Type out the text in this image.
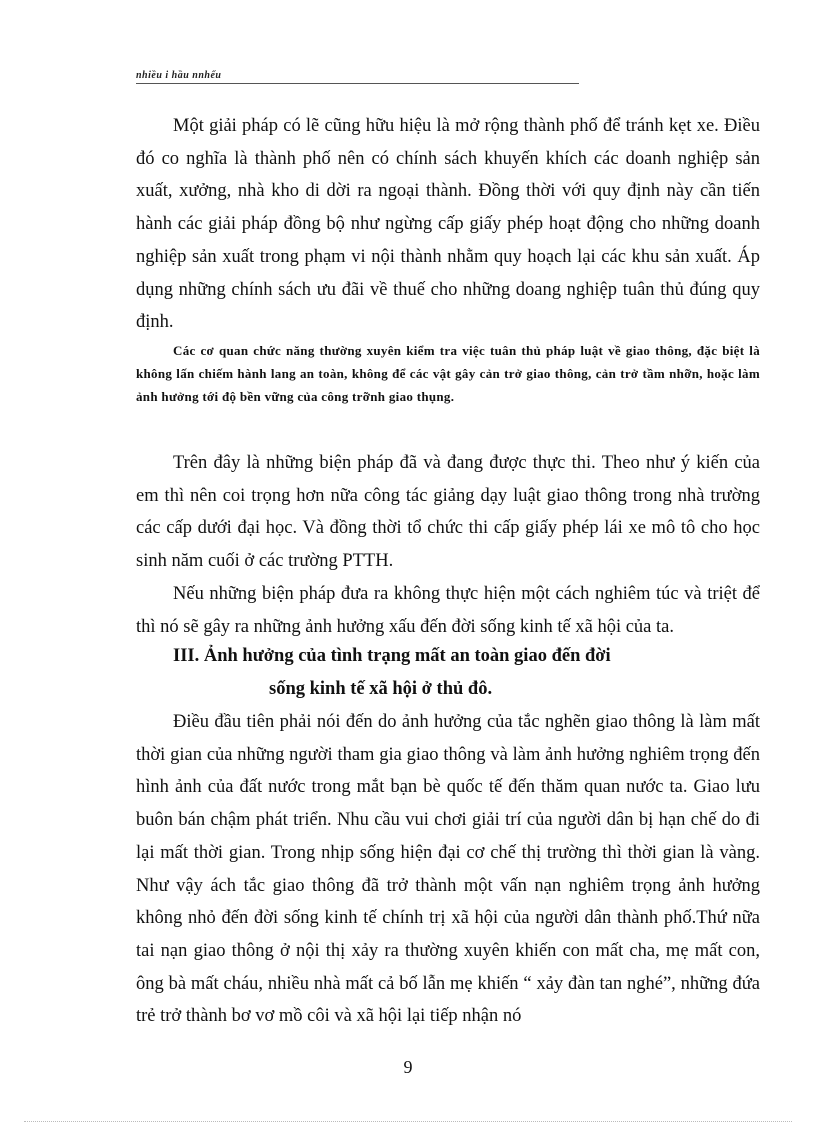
nhiều i hầu nnhểu

Một giải pháp có lẽ cũng hữu hiệu là mở rộng thành phố để tránh kẹt xe. Điều đó co nghĩa là thành phố nên có chính sách khuyến khích các doanh nghiệp sản xuất, xưởng, nhà kho di dời ra ngoại thành. Đồng thời với quy định này cần tiến hành các giải pháp đồng bộ như ngừng cấp giấy phép hoạt động cho những doanh nghiệp sản xuất trong phạm vi nội thành nhằm quy hoạch lại các khu sản xuất. Áp dụng những chính sách ưu đãi về thuế cho những doang nghiệp tuân thủ đúng quy định.

Các cơ quan chức năng thường xuyên kiểm tra việc tuân thủ pháp luật về giao thông, đặc biệt là không lấn chiếm hành lang an toàn, không để các vật gây cản trở giao thông, cản trở tầm nhỡn, hoặc làm ảnh hưởng tới độ bền vững của công trỡnh giao thụng.

Trên đây là những biện pháp đã và đang được thực thi. Theo như ý kiến của em thì nên coi trọng hơn nữa công tác giảng dạy luật giao thông trong nhà trường các cấp dưới đại học. Và đồng thời tổ chức thi cấp giấy phép lái xe mô tô cho học sinh năm cuối ở các trường PTTH.

Nếu những biện pháp đưa ra không thực hiện một cách nghiêm túc và triệt để thì nó sẽ gây ra những ảnh hưởng xấu đến đời sống kinh tế xã hội của ta.

III. Ảnh hưởng của tình trạng mất an toàn giao đến đời

sống kinh tế xã hội ở thủ đô.

Điều đầu tiên phải nói đến do ảnh hưởng của tắc nghẽn giao thông là làm mất thời gian của những người tham gia giao thông và làm ảnh hưởng nghiêm trọng đến hình ảnh của đất nước trong mắt bạn bè quốc tế đến thăm quan nước ta. Giao lưu buôn bán chậm phát triển. Nhu cầu vui chơi giải trí của người dân bị hạn chế do đi lại mất thời gian. Trong nhịp sống hiện đại cơ chế thị trường thì thời gian là vàng. Như vậy ách tắc giao thông đã trở thành một vấn nạn nghiêm trọng ảnh hưởng không nhỏ đến đời sống kinh tế chính trị xã hội của người dân thành phố.Thứ nữa tai nạn giao thông ở nội thị xảy ra thường xuyên khiến con mất cha, mẹ mất con, ông bà mất cháu, nhiều nhà mất cả bố lẫn mẹ khiến “ xảy đàn tan nghé”, những đứa trẻ trở thành bơ vơ mồ côi và xã hội lại tiếp nhận nó

9
